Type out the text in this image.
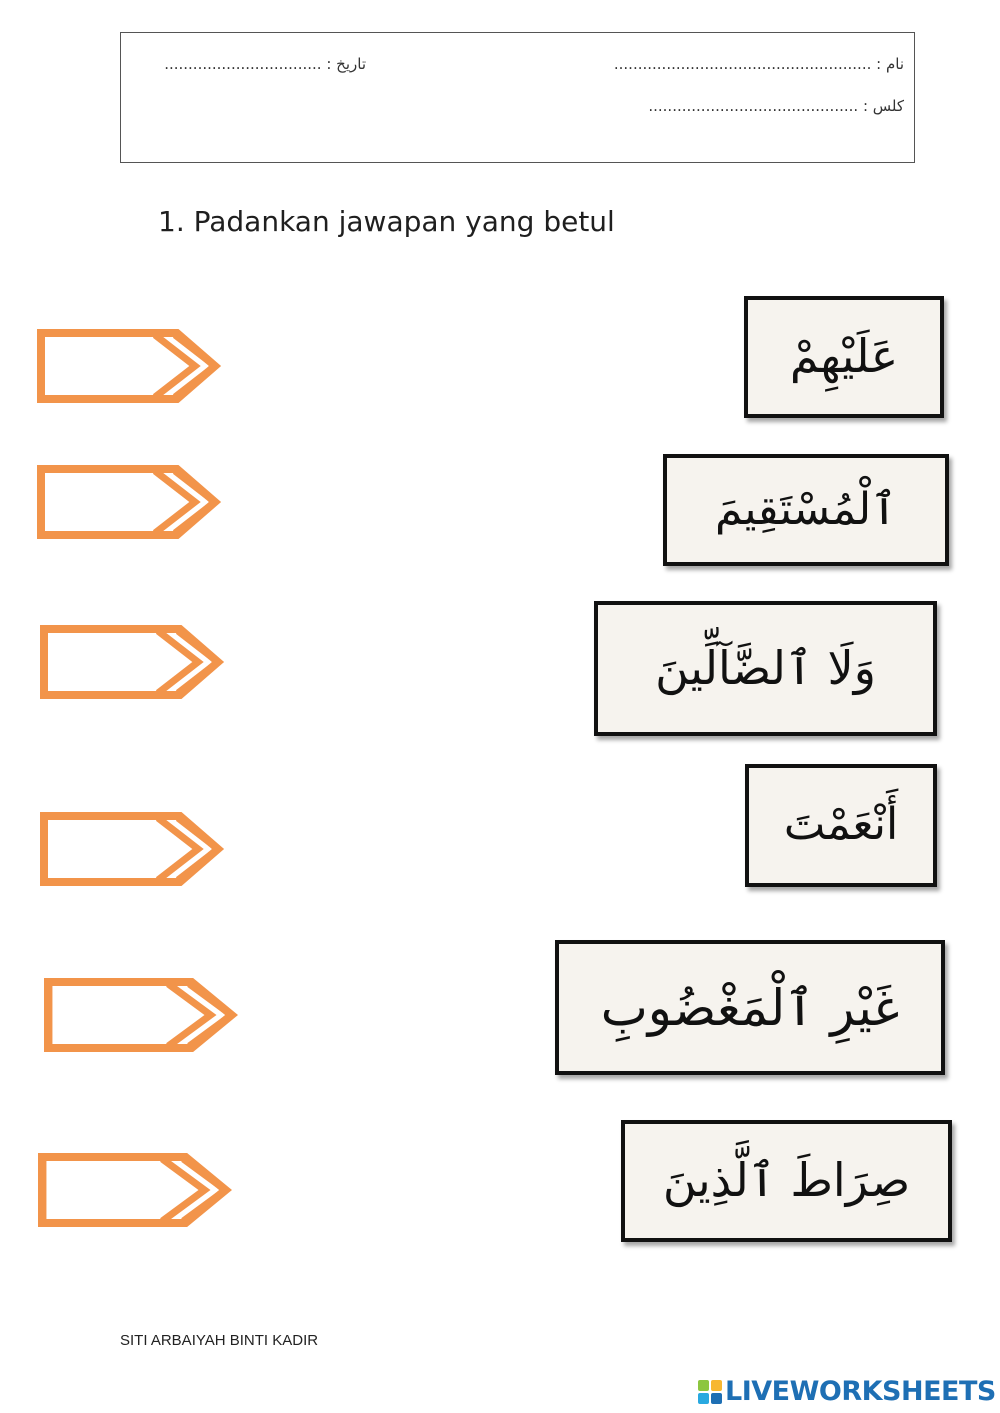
نام : ......................................................
كلس : ............................................
تاريخ : .................................
1. Padankan jawapan yang betul
عَلَيْهِمْ
ٱلْمُسْتَقِيمَ
وَلَا ٱلضَّآلِّينَ
أَنْعَمْتَ
غَيْرِ ٱلْمَغْضُوبِ
صِرَاطَ ٱلَّذِينَ
SITI ARBAIYAH BINTI KADIR
LIVEWORKSHEETS
